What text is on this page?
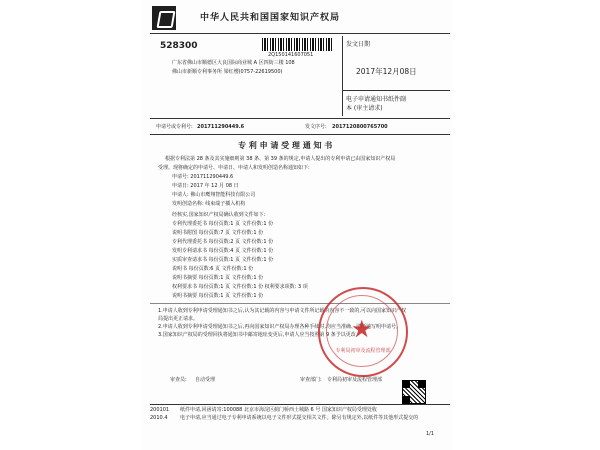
中华人民共和国国家知识产权局
528300
2Q150141607051
广东省佛山市顺德区大良国际商业城 A 区四街三楼 108
佛山市新顺专利事务所 梁红缨(0757-22619500)
发文日期
2017年12月08日
电子申请通知书纸件副
本 (审主请求)
申请号或专利号: 201711290449.6	发文序号: 2017120800765700
专 利 申 请 受 理 通 知 书
根据专利法第 28 条及其实施细则第 38 条、第 39 条的规定,申请人提出的专利申请已由国家知识产权局
受理。现将确定的申请号、申请日、申请人和发明创造名称通知如下:
申请号: 201711290449.6
申请日: 2017 年 12 月 08 日
申请人: 佛山市鹰翔智能科技有限公司
发明创造名称: 线束端子插入机构
经核实,国家知识产权局确认收到文件如下:
专利代理委托书 每份页数:1 页 文件份数:1 份
说明书附图 每份页数:7 页 文件份数:1 份
专利代理委托书 每份页数:2 页 文件份数:1 份
发明专利请求书 每份页数:4 页 文件份数:1 份
实质审查请求书 每份页数:1 页 文件份数:1 份
说明书 每份页数:6 页 文件份数:1 份
说明书摘要 每份页数:1 页 文件份数:1 份
权利要求书 每份页数:1 页 文件份数:1 份 权利要求项数: 3 项
说明书摘要 每份页数:1 页 文件份数:1 份
1.申请人收到专利申请受理通知书之后,认为其记载的内容与申请文件所记载的内容不一致的,可以向国家知识产权
局提出更正请求。
2.申请人收到专利申请受理通知书之后,再向国家知识产权局办理各种手续时,均应当准确、清晰地写明申请号。
3.国家知识产权局的受理回执将通知书中邮寄地址变更后,申请人应当按照第 9 条予以更改。
★
专利局初审及流程管理部
审查员: 自动受理	审查部门: 专利局初审及流程管理部
200101
2010.4
纸件申请,回函请寄:100088 北京市海淀区蓟门桥西土城路 6 号 国家知识产权局受理处收
电子申请,应当通过电子专利申请系统以电子文件形式提交相关文件。除另有规定外,以纸件等其他形式提交的
1/1
